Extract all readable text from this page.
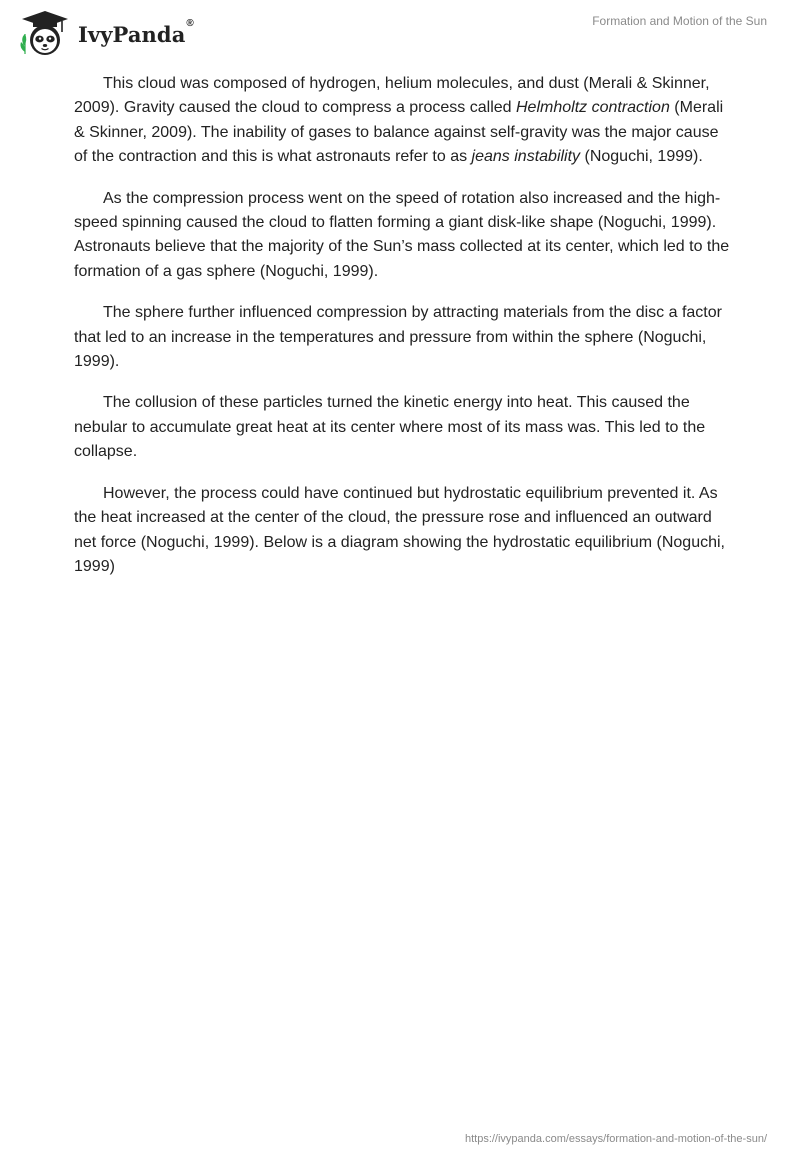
IvyPanda®	Formation and Motion of the Sun

This cloud was composed of hydrogen, helium molecules, and dust (Merali & Skinner, 2009). Gravity caused the cloud to compress a process called Helmholtz contraction (Merali & Skinner, 2009). The inability of gases to balance against self-gravity was the major cause of the contraction and this is what astronauts refer to as jeans instability (Noguchi, 1999).

As the compression process went on the speed of rotation also increased and the high-speed spinning caused the cloud to flatten forming a giant disk-like shape (Noguchi, 1999). Astronauts believe that the majority of the Sun’s mass collected at its center, which led to the formation of a gas sphere (Noguchi, 1999).

The sphere further influenced compression by attracting materials from the disc a factor that led to an increase in the temperatures and pressure from within the sphere (Noguchi, 1999).

The collusion of these particles turned the kinetic energy into heat. This caused the nebular to accumulate great heat at its center where most of its mass was. This led to the collapse.

However, the process could have continued but hydrostatic equilibrium prevented it. As the heat increased at the center of the cloud, the pressure rose and influenced an outward net force (Noguchi, 1999). Below is a diagram showing the hydrostatic equilibrium (Noguchi, 1999)

https://ivypanda.com/essays/formation-and-motion-of-the-sun/
